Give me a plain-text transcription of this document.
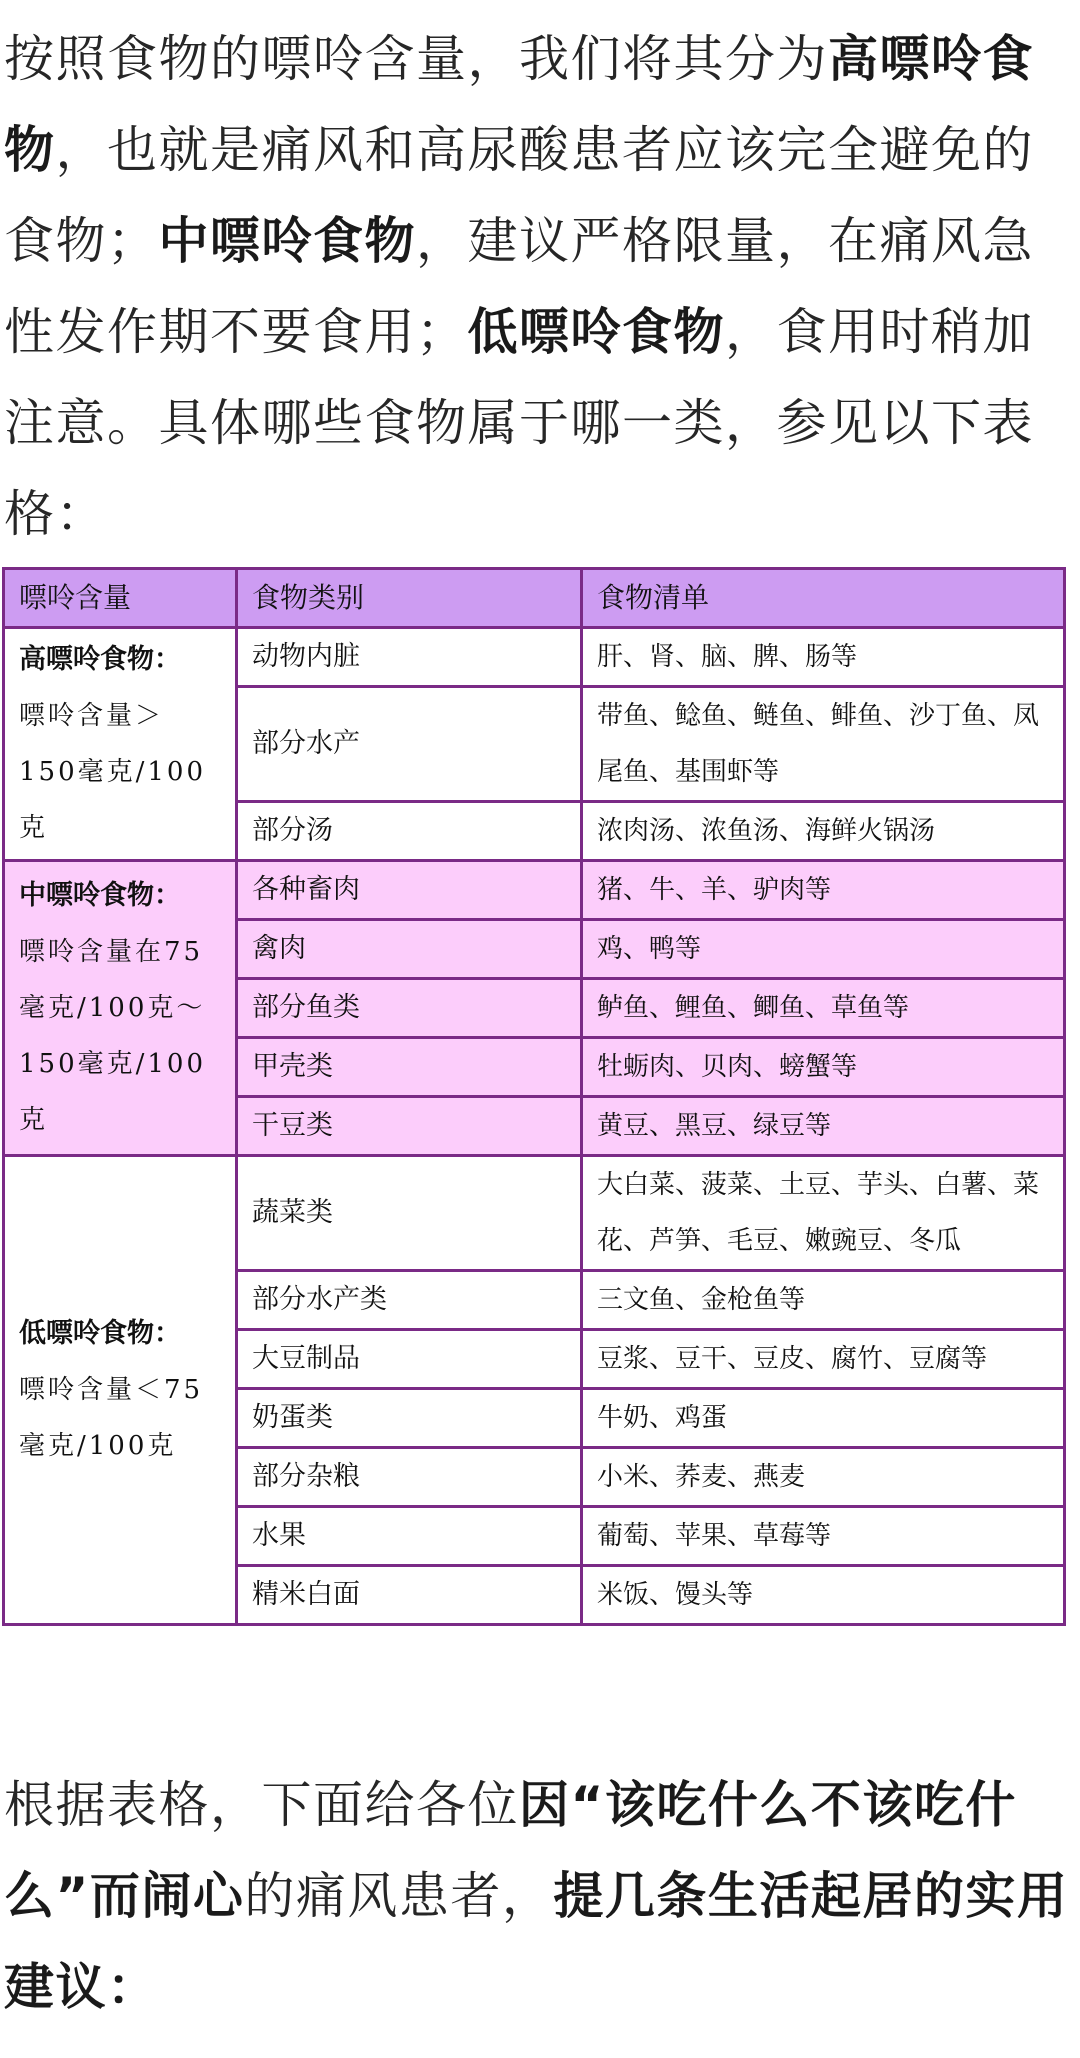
按照食物的嘌呤含量，我们将其分为高嘌呤食物，也就是痛风和高尿酸患者应该完全避免的食物；中嘌呤食物，建议严格限量，在痛风急性发作期不要食用；低嘌呤食物，食用时稍加注意。具体哪些食物属于哪一类，参见以下表格：

嘌呤含量	食物类别	食物清单

高嘌呤食物：
嘌呤含量＞150毫克/100克	动物内脏	肝、肾、脑、脾、肠等
	部分水产	带鱼、鲶鱼、鲢鱼、鲱鱼、沙丁鱼、凤尾鱼、基围虾等
	部分汤	浓肉汤、浓鱼汤、海鲜火锅汤

中嘌呤食物：
嘌呤含量在75毫克/100克～150毫克/100克	各种畜肉	猪、牛、羊、驴肉等
	禽肉	鸡、鸭等
	部分鱼类	鲈鱼、鲤鱼、鲫鱼、草鱼等
	甲壳类	牡蛎肉、贝肉、螃蟹等
	干豆类	黄豆、黑豆、绿豆等

低嘌呤食物：
嘌呤含量＜75毫克/100克	蔬菜类	大白菜、菠菜、土豆、芋头、白薯、菜花、芦笋、毛豆、嫩豌豆、冬瓜
	部分水产类	三文鱼、金枪鱼等
	大豆制品	豆浆、豆干、豆皮、腐竹、豆腐等
	奶蛋类	牛奶、鸡蛋
	部分杂粮	小米、荞麦、燕麦
	水果	葡萄、苹果、草莓等
	精米白面	米饭、馒头等

根据表格，下面给各位因“该吃什么不该吃什么”而闹心的痛风患者，提几条生活起居的实用建议：
